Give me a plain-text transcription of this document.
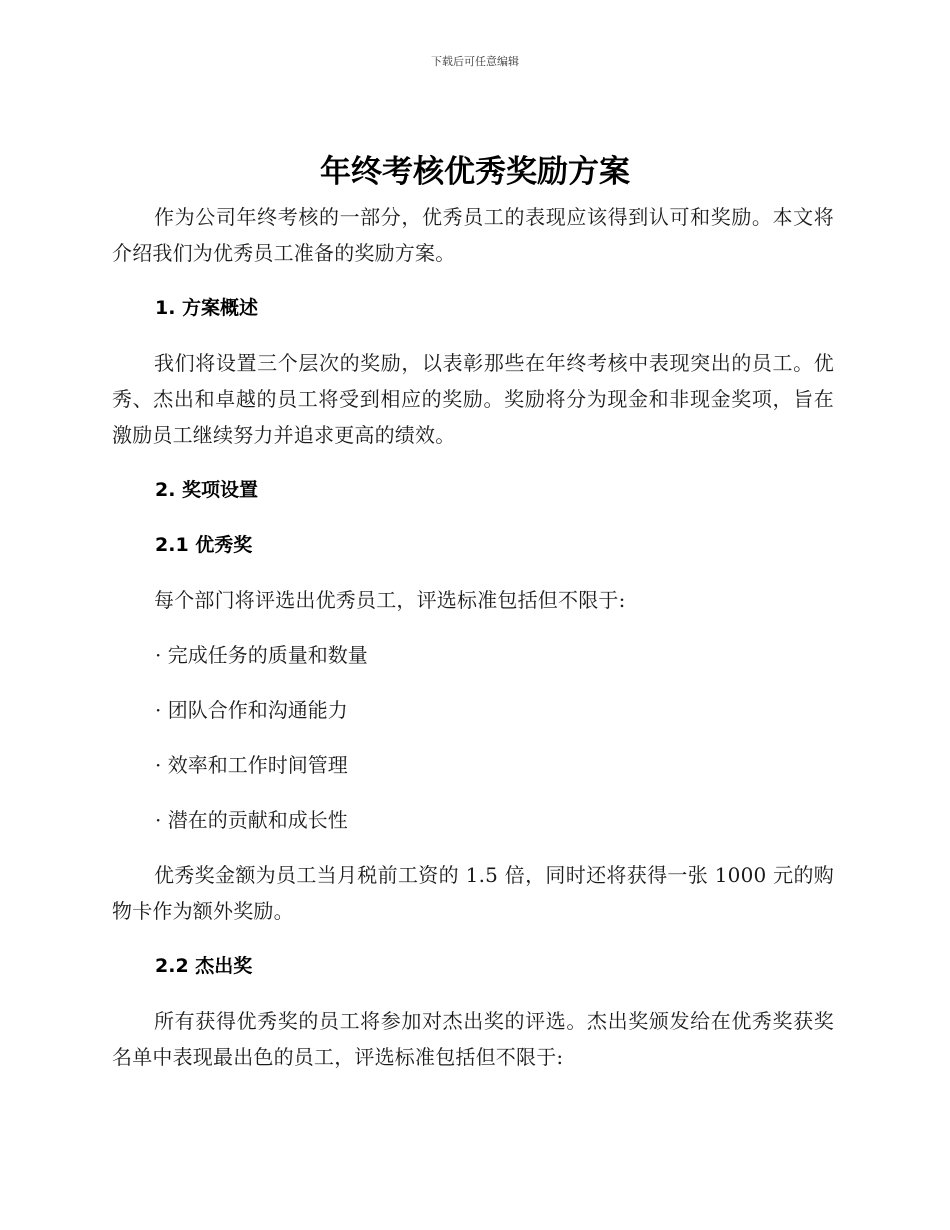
下载后可任意编辑
年终考核优秀奖励方案

作为公司年终考核的一部分，优秀员工的表现应该得到认可和奖励。本文将介绍我们为优秀员工准备的奖励方案。

1. 方案概述

我们将设置三个层次的奖励，以表彰那些在年终考核中表现突出的员工。优秀、杰出和卓越的员工将受到相应的奖励。奖励将分为现金和非现金奖项，旨在激励员工继续努力并追求更高的绩效。

2. 奖项设置
2.1 优秀奖

每个部门将评选出优秀员工，评选标准包括但不限于:

· 完成任务的质量和数量
· 团队合作和沟通能力
· 效率和工作时间管理
· 潜在的贡献和成长性

优秀奖金额为员工当月税前工资的 1.5 倍，同时还将获得一张 1000 元的购物卡作为额外奖励。

2.2 杰出奖

所有获得优秀奖的员工将参加对杰出奖的评选。杰出奖颁发给在优秀奖获奖名单中表现最出色的员工，评选标准包括但不限于:
